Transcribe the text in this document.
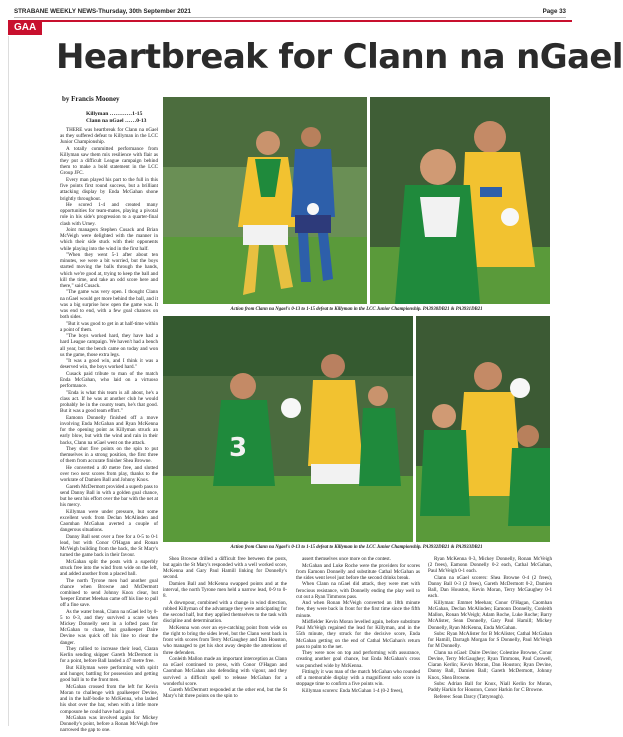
STRABANE WEEKLY NEWS-Thursday, 30th September 2021	Page 33
GAA
Heartbreak for Clann na nGael
by Francis Mooney
Killyman …………1-15
Clann na nGael ……0-13

THERE was heartbreak for Clann na nGael as they suffered defeat to Killyman in the LCC Junior Championship.

A totally committed performance from Killyman saw them mix resilience with flair as they put a difficult League campaign behind them to make a bold statement in the LCC Group JFC.

Every man played his part to the full in this five points first round success, but a brilliant attacking display by Enda McGahan shone brightly throughout.

He scored 1-4 and created many opportunities for team-mates, playing a pivotal role in his side's progression to a quarter-final clash with Urney.

Joint managers Stephen Cusack and Brian McVeigh were delighted with the manner in which their side stuck with their opponents while playing into the wind in the first half.

"When they went 5-1 after about ten minutes, we were a bit worried, but the boys started moving the balls through the hands, which we're good at, trying to keep the ball and kill the time, and take an odd score here and there," said Cusack.

"The game was very open. I thought Clann na nGael would get more behind the ball, and it was a big surprise how open the game was. It was end to end, with a few goal chances on both sides.

"But it was good to get in at half-time within a point of them.

"The boys worked hard, they have had a hard League campaign. We haven't had a bench all year, but the bench came on today and won us the game, those extra legs.

"It was a good win, and I think it was a deserved win, the boys worked hard."

Cusack paid tribute to man of the match Enda McGahan, who laid on a virtuoso performance.

"Enda is what this team is all about, he's a class act. If he was at another club he would probably be in the county team, he's that good. But it was a good team effort."

Eamonn Donnelly finished off a move involving Enda McGahan and Ryan McKenna for the opening point as Killyman struck an early blow, but with the wind and rain in their backs, Clann na nGael went on the attack.

They shot five points on the spin to put themselves in a strong position, the first three of them from accurate finisher Shea Browne.

He converted a 40 metre free, and slotted over two next scores from play, thanks to the workrate of Damien Ball and Johnny Knox.

Gareth McDermott provided a superb pass to send Danny Ball in with a golden goal chance, but he sent his effort over the bar with the net at his mercy.

Killyman were under pressure, but some excellent work from Declan McAlinden and Caomhan McGahan averted a couple of dangerous situations.

Danny Ball sent over a free for a 0-5 to 0-1 lead, but with Conor O'Hagan and Ronan McVeigh building from the back, the St Mary's turned the game back in their favour.

McGahan split the posts with a superbly struck free into the wind from wide on the left, and added another from a placed ball.

The north Tyrone men had another goal chance when Browne and McDermott combined to send Johnny Knox clear, but 'keeper Emmet Meehan came off his line to pull off a fine save.

As the water break, Clann na nGael led by 0-5 to 0-3, and they survived a scare when Mickey Donnelly sent in a lofted pass for McGahan to chase, but goalkeeper Daire Devine was quick off his line to clear the danger.

They rallied to increase their lead, Ciaran Kerlin sending skipper Gareth McDermott in for a point, before Ball landed a 47 metre free.

But Killyman were performing with spirit and hunger, battling for possession and getting good ball in to the front men.

McGahan crossed from the left for Kevin Moran to challenge with goalkeeper Devine, and in the half-bodie to McKenna, who lashed his shot over the bar, when with a little more composure he could have had a goal.

McGahan was involved again for Mickey Donnelly's point, before a Ronan McVeigh free narrowed the gap to one.

Action from Clann na Ngael's 0-13 to 1-15 defeat to Killyman in the LCC Junior Championship. PA3930DB21 & PA3931DB21
3
Action from Clann na Ngael's 0-13 to 1-15 defeat to Killyman in the LCC Junior Championship. PA3932DB21 & PA3933DB21

Shea Browne drilled a difficult free between the posts, but again the St Mary's responded with a well worked score, McKenna and Gary Paul Hamill linking for Donnelly's second.

Damien Ball and McKenna swapped points and at the interval, the north Tyrone men held a narrow lead, 0-9 to 0-8.

A downpour, combined with a change in wind direction, robbed Killyman of the advantage they were anticipating for the second half, but they applied themselves to the task with discipline and determination.

McKenna won over an eye-catching point from wide on the right to bring the sides level, but the Clann went back in front with scores from Terry McGaughey and Dan Houston, who managed to get his shot away despite the attentions of three defenders.

Conleith Mallon made an important interception as Clann na nGael continued to press, with Conor O'Hagan and Caomhan McGahan also defending with vigour, and they survived a difficult spell to release McGahan for a wonderful score.

Gareth McDermott responded at the other end, but the St Mary's hit three points on the spin to

assert themselves once more on the contest.

McGahan and Luke Roche were the providers for scores from Eamonn Donnelly and substitute Cathal McGahan as the sides went level just before the second drinks break.

When Clann na nGael did attack, they were met with ferocious resistance, with Donnelly ending the play well to cut out a Ryan Timmons pass.

And when Ronan McVeigh converted an 18th minute free, they were back in front for the first time since the fifth minute.

Midfielder Kevin Moran levelled again, before substitute Paul McVeigh regained the lead for Killyman, and in the 55th minute, they struck for the decisive score, Enda McGahan getting on the end of Cathal McGahan's return pass to palm to the net.

They were now on top and performing with assurance, creating another goal chance, but Enda McGahan's cross was punched wide by McKenna.

Fittingly it was man of the match McGahan who rounded off a memorable display with a magnificent solo score in stoppage time to confirm a five points win.

Killyman scorers: Enda McGahan 1-4 (0-2 frees),

Ryan McKenna 0-3, Mickey Donnelly, Ronan McVeigh (2 frees), Eamonn Donnelly 0-2 each, Cathal McGahan, Paul McVeigh 0-1 each.

Clann na nGael scorers: Shea Browne 0-4 (2 frees), Danny Ball 0-3 (2 frees), Gareth McDermott 0-2, Damien Ball, Dan Houston, Kevin Moran, Terry McGaughey 0-1 each.

Killyman: Emmet Meehan; Conor O'Hagan, Caomhan McGahan, Declan McAlinden; Eamonn Donnelly, Conleith Mallon, Ronan McVeigh; Adam Roche, Luke Roche; Barry McAlister, Sean Donnelly, Gary Paul Hamill; Mickey Donnelly, Ryan McKenna, Enda McGahan.

Subs: Ryan McAlister for B McAlister, Cathal McGahan for Hamill, Darragh Morgan for S Donnelly, Paul McVeigh for M Donnelly.

Clann na nGael: Daire Devine; Colestine Browne, Conor Devine, Terry McGaughey; Ryan Timmons, Paul Conwell, Ciaran Kerlin; Kevin Moran, Dan Houston; Ryan Devine, Danny Ball, Damien Ball; Gareth McDermott, Johnny Knox, Shea Browne.

Subs: Adrian Ball for Knox, Niall Kerlin for Moran, Paddy Harkin for Houston, Conor Harkin for C Browne.

Referee: Sean Darcy (Tattyreagh).
